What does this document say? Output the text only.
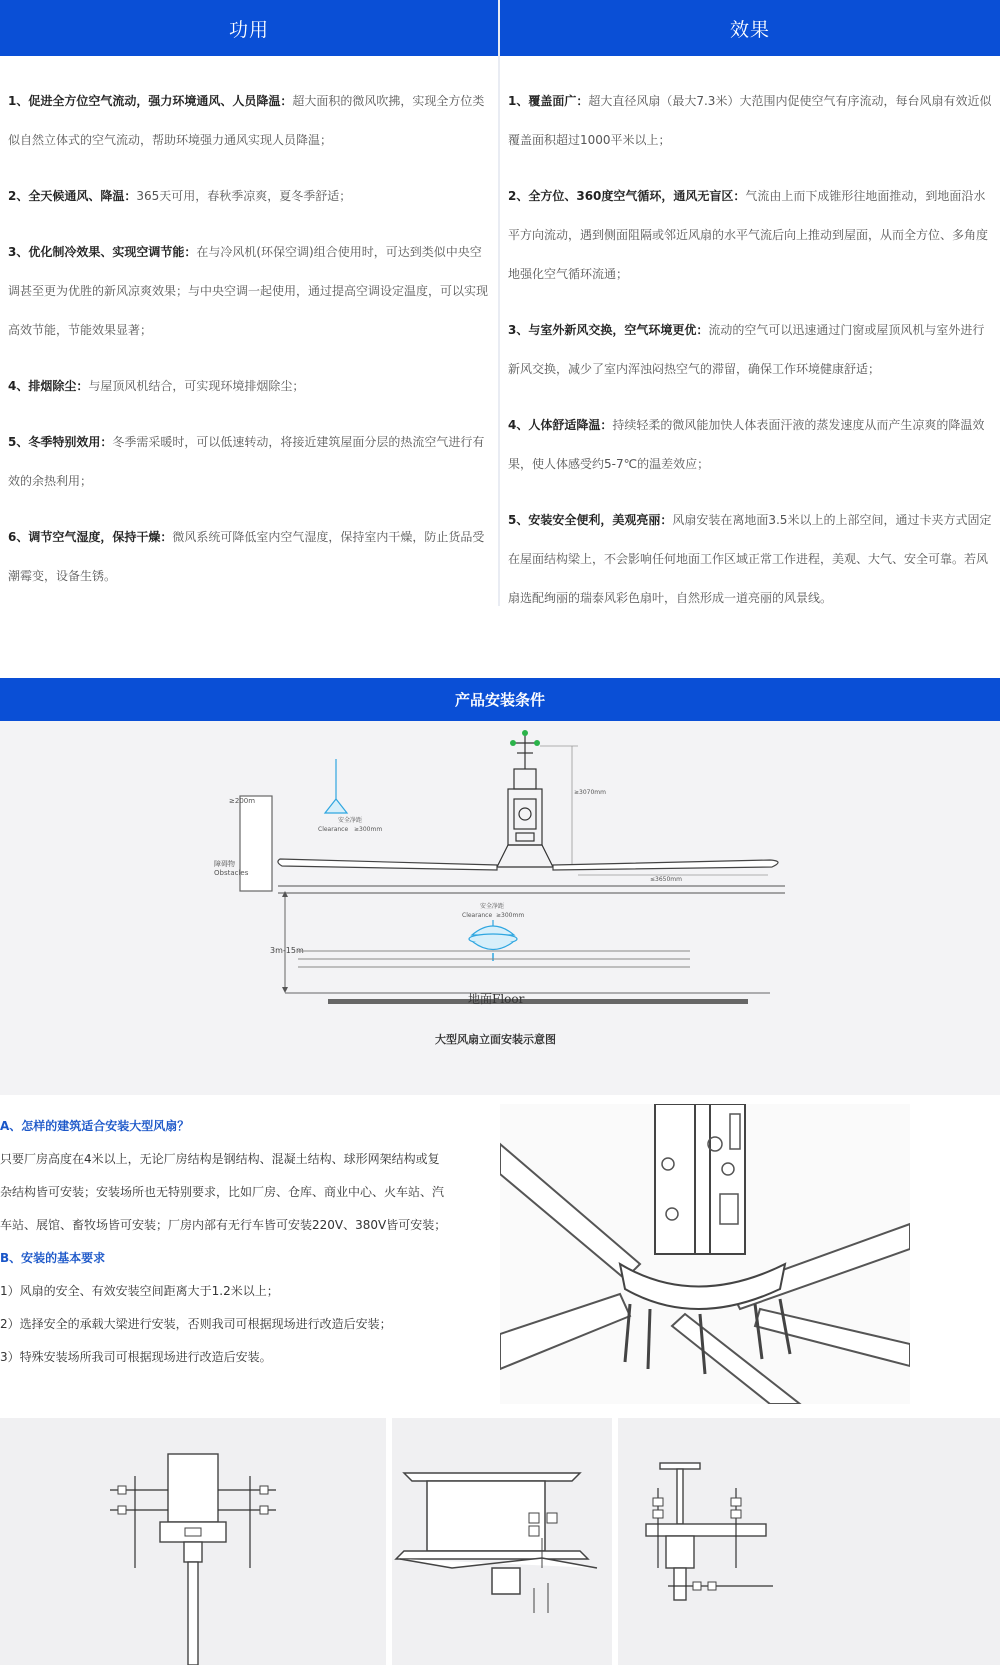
功用
1、促进全方位空气流动，强力环境通风、人员降温：超大面积的微风吹拂，实现全方位类似自然立体式的空气流动，帮助环境强力通风实现人员降温；
2、全天候通风、降温：365天可用，春秋季凉爽，夏冬季舒适；
3、优化制冷效果、实现空调节能：在与冷风机(环保空调)组合使用时，可达到类似中央空调甚至更为优胜的新风凉爽效果；与中央空调一起使用，通过提高空调设定温度，可以实现高效节能，节能效果显著；
4、排烟除尘：与屋顶风机结合，可实现环境排烟除尘；
5、冬季特别效用：冬季需采暖时，可以低速转动，将接近建筑屋面分层的热流空气进行有效的余热利用；
6、调节空气湿度，保持干燥：微风系统可降低室内空气湿度，保持室内干燥，防止货品受潮霉变，设备生锈。
效果
1、覆盖面广：超大直径风扇（最大7.3米）大范围内促使空气有序流动，每台风扇有效近似覆盖面积超过1000平米以上；
2、全方位、360度空气循环，通风无盲区：气流由上而下成锥形往地面推动，到地面沿水平方向流动，遇到侧面阻隔或邻近风扇的水平气流后向上推动到屋面，从而全方位、多角度地强化空气循环流通；
3、与室外新风交换，空气环境更优：流动的空气可以迅速通过门窗或屋顶风机与室外进行新风交换，减少了室内浑浊闷热空气的滞留，确保工作环境健康舒适；
4、人体舒适降温：持续轻柔的微风能加快人体表面汗液的蒸发速度从而产生凉爽的降温效果，使人体感受约5-7℃的温差效应；
5、安装安全便利，美观亮丽：风扇安装在离地面3.5米以上的上部空间，通过卡夹方式固定在屋面结构梁上，不会影响任何地面工作区域正常工作进程，美观、大气、安全可靠。若风扇选配绚丽的瑞泰风彩色扇叶，自然形成一道亮丽的风景线。
产品安装条件
≥200m
障碍物
Obstacles
安全净距
Clearance ≥300mm
≥3070mm
≤3650mm
安全净距
Clearance ≥300mm
3m-15m
地面Floor
大型风扇立面安装示意图
A、怎样的建筑适合安装大型风扇？

只要厂房高度在4米以上，无论厂房结构是钢结构、混凝土结构、球形网架结构或复

杂结构皆可安装；安装场所也无特别要求，比如厂房、仓库、商业中心、火车站、汽

车站、展馆、畜牧场皆可安装；厂房内部有无行车皆可安装220V、380V皆可安装；

B、安装的基本要求

1）风扇的安全、有效安装空间距离大于1.2米以上；

2）选择安全的承载大梁进行安装，否则我司可根据现场进行改造后安装；

3）特殊安装场所我司可根据现场进行改造后安装。
